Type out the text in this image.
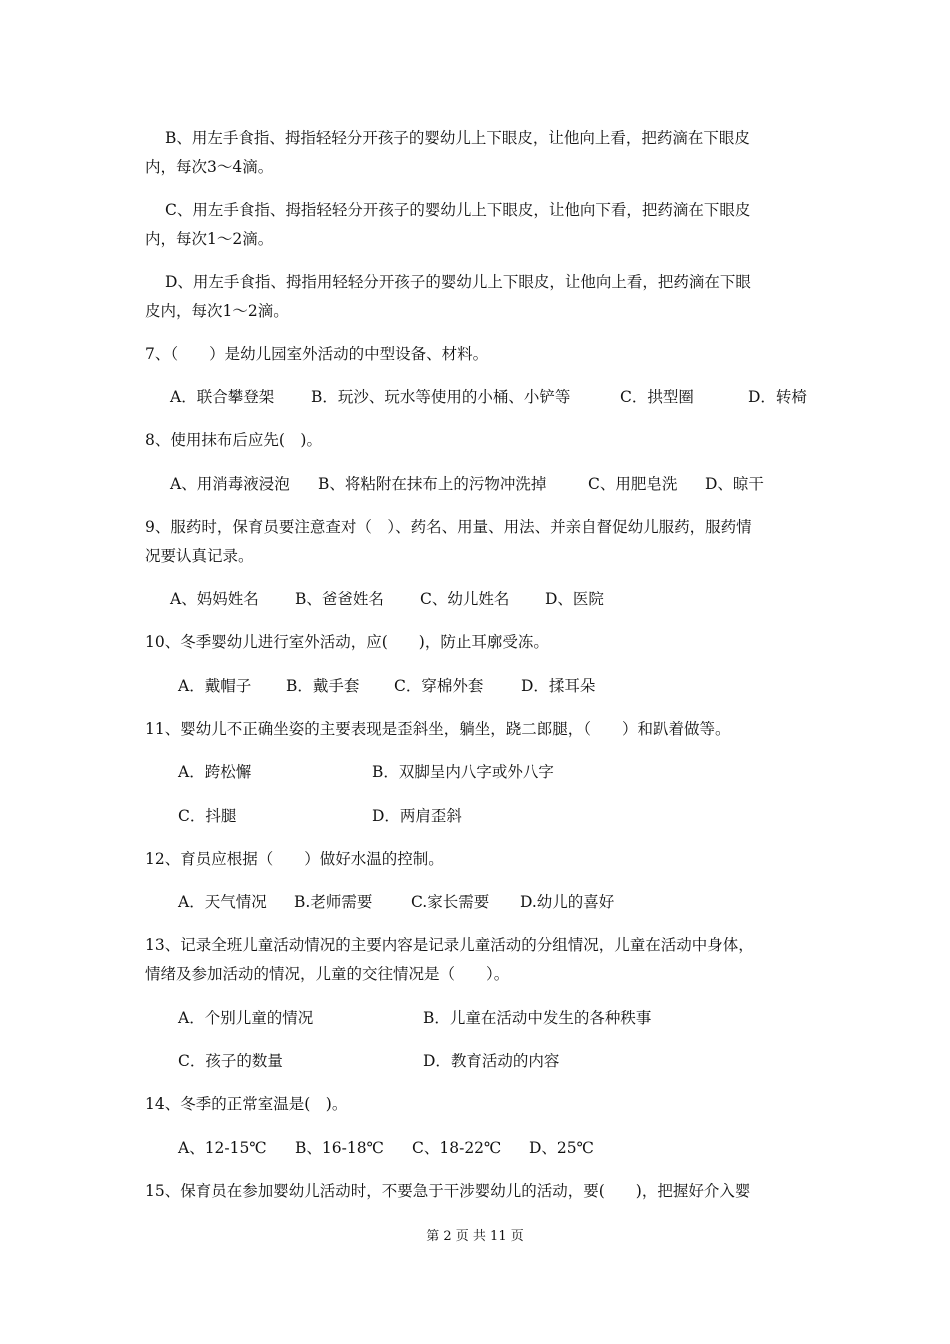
B、用左手食指、拇指轻轻分开孩子的婴幼儿上下眼皮，让他向上看，把药滴在下眼皮
内，每次3～4滴。
C、用左手食指、拇指轻轻分开孩子的婴幼儿上下眼皮，让他向下看，把药滴在下眼皮
内，每次1～2滴。
D、用左手食指、拇指用轻轻分开孩子的婴幼儿上下眼皮，让他向上看，把药滴在下眼
皮内，每次1～2滴。
7、（　　）是幼儿园室外活动的中型设备、材料。
A．联合攀登架 B．玩沙、玩水等使用的小桶、小铲等	C．拱型圈	D．转椅
8、使用抹布后应先(　)。
A、用消毒液浸泡 B、将粘附在抹布上的污物冲洗掉	C、用肥皂洗 D、晾干
9、服药时，保育员要注意查对（　）、药名、用量、用法、并亲自督促幼儿服药，服药情
况要认真记录。
A、妈妈姓名 B、爸爸姓名 C、幼儿姓名 D、医院
10、冬季婴幼儿进行室外活动，应(　　)，防止耳廓受冻。
A．戴帽子 B．戴手套 C．穿棉外套 D．揉耳朵
11、婴幼儿不正确坐姿的主要表现是歪斜坐，躺坐，跷二郎腿，（　　）和趴着做等。
A．跨松懈	B．双脚呈内八字或外八字
C．抖腿	D．两肩歪斜
12、育员应根据（　　）做好水温的控制。
A．天气情况 B.老师需要 C.家长需要 D.幼儿的喜好
13、记录全班儿童活动情况的主要内容是记录儿童活动的分组情况，儿童在活动中身体，
情绪及参加活动的情况，儿童的交往情况是（　　）。
A．个别儿童的情况	B．儿童在活动中发生的各种秩事
C．孩子的数量	D．教育活动的内容
14、冬季的正常室温是(　)。
A、12-15℃ B、16-18℃ C、18-22℃ D、25℃
15、保育员在参加婴幼儿活动时，不要急于干涉婴幼儿的活动，要(　　)，把握好介入婴
第 2 页 共 11 页
